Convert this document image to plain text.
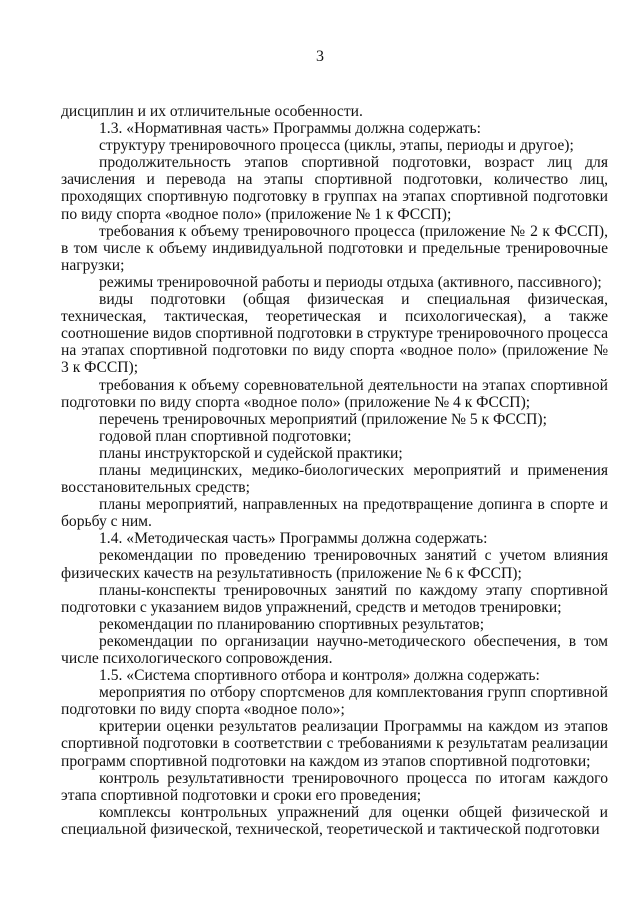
3

дисциплин и их отличительные особенности.

1.3. «Нормативная часть» Программы должна содержать:

структуру тренировочного процесса (циклы, этапы, периоды и другое);

продолжительность этапов спортивной подготовки, возраст лиц для зачисления и перевода на этапы спортивной подготовки, количество лиц, проходящих спортивную подготовку в группах на этапах спортивной подготовки по виду спорта «водное поло» (приложение № 1 к ФССП);

требования к объему тренировочного процесса (приложение № 2 к ФССП), в том числе к объему индивидуальной подготовки и предельные тренировочные нагрузки;

режимы тренировочной работы и периоды отдыха (активного, пассивного);

виды подготовки (общая физическая и специальная физическая, техническая, тактическая, теоретическая и психологическая), а также соотношение видов спортивной подготовки в структуре тренировочного процесса на этапах спортивной подготовки по виду спорта «водное поло» (приложение № 3 к ФССП);

требования к объему соревновательной деятельности на этапах спортивной подготовки по виду спорта «водное поло» (приложение № 4 к ФССП);

перечень тренировочных мероприятий (приложение № 5 к ФССП);

годовой план спортивной подготовки;

планы инструкторской и судейской практики;

планы медицинских, медико-биологических мероприятий и применения восстановительных средств;

планы мероприятий, направленных на предотвращение допинга в спорте и борьбу с ним.

1.4. «Методическая часть» Программы должна содержать:

рекомендации по проведению тренировочных занятий с учетом влияния физических качеств на результативность (приложение № 6 к ФССП);

планы-конспекты тренировочных занятий по каждому этапу спортивной подготовки с указанием видов упражнений, средств и методов тренировки;

рекомендации по планированию спортивных результатов;

рекомендации по организации научно-методического обеспечения, в том числе психологического сопровождения.

1.5. «Система спортивного отбора и контроля» должна содержать:

мероприятия по отбору спортсменов для комплектования групп спортивной подготовки по виду спорта «водное поло»;

критерии оценки результатов реализации Программы на каждом из этапов спортивной подготовки в соответствии с требованиями к результатам реализации программ спортивной подготовки на каждом из этапов спортивной подготовки;

контроль результативности тренировочного процесса по итогам каждого этапа спортивной подготовки и сроки его проведения;

комплексы контрольных упражнений для оценки общей физической и специальной физической, технической, теоретической и тактической подготовки
